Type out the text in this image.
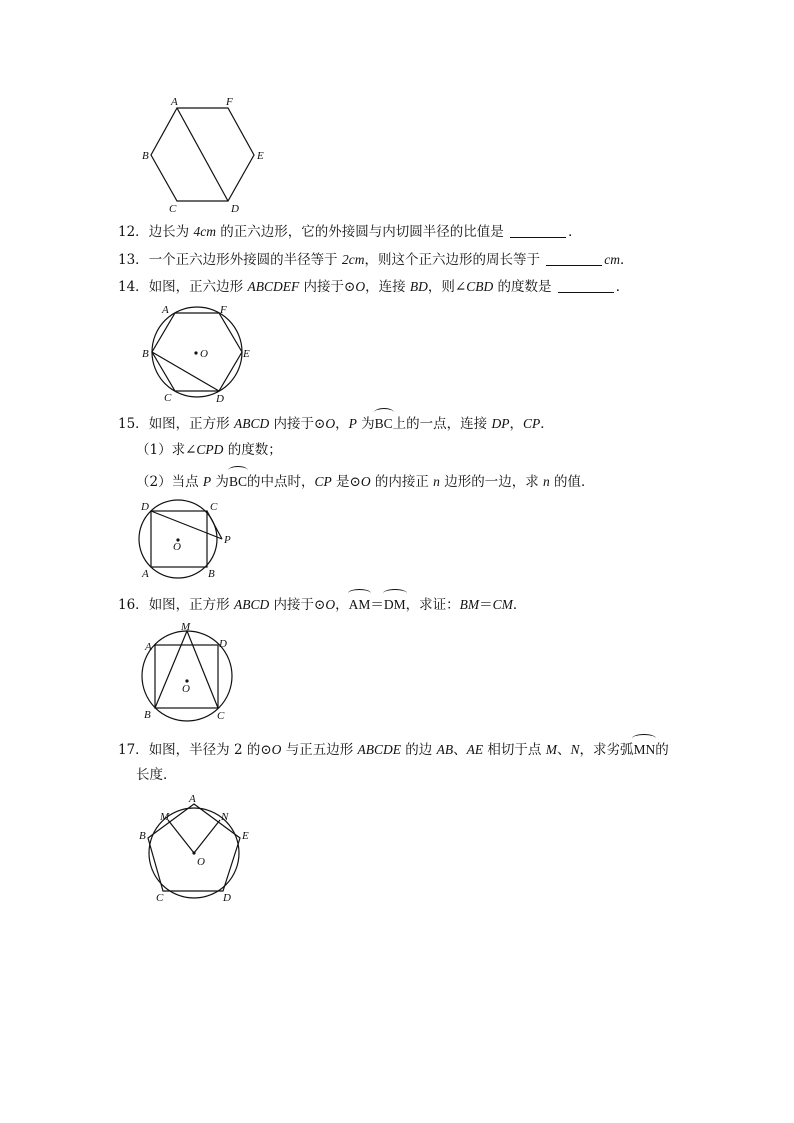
A	F
B	E
C	D
12．边长为 4cm 的正六边形，它的外接圆与内切圆半径的比值是	．
13．一个正六边形外接圆的半径等于 2cm，则这个正六边形的周长等于	cm．
14．如图，正六边形 ABCDEF 内接于⊙O，连接 BD，则∠CBD 的度数是	．
O
A	F
B	E
C	D
15．如图，正方形 ABCD 内接于⊙O，P 为BC上的一点，连接 DP，CP．
（1）求∠CPD 的度数；
（2）当点 P 为BC的中点时，CP 是⊙O 的内接正 n 边形的一边，求 n 的值．
O
D	C
P
A	B
16．如图，正方形 ABCD 内接于⊙O，AM＝DM，求证：BM＝CM．
O
M
A	D
B	C
17．如图，半径为 2 的⊙O 与正五边形 ABCDE 的边 AB、AE 相切于点 M、N，求劣弧MN的
长度．
O
A
M	N
B	E
C	D
